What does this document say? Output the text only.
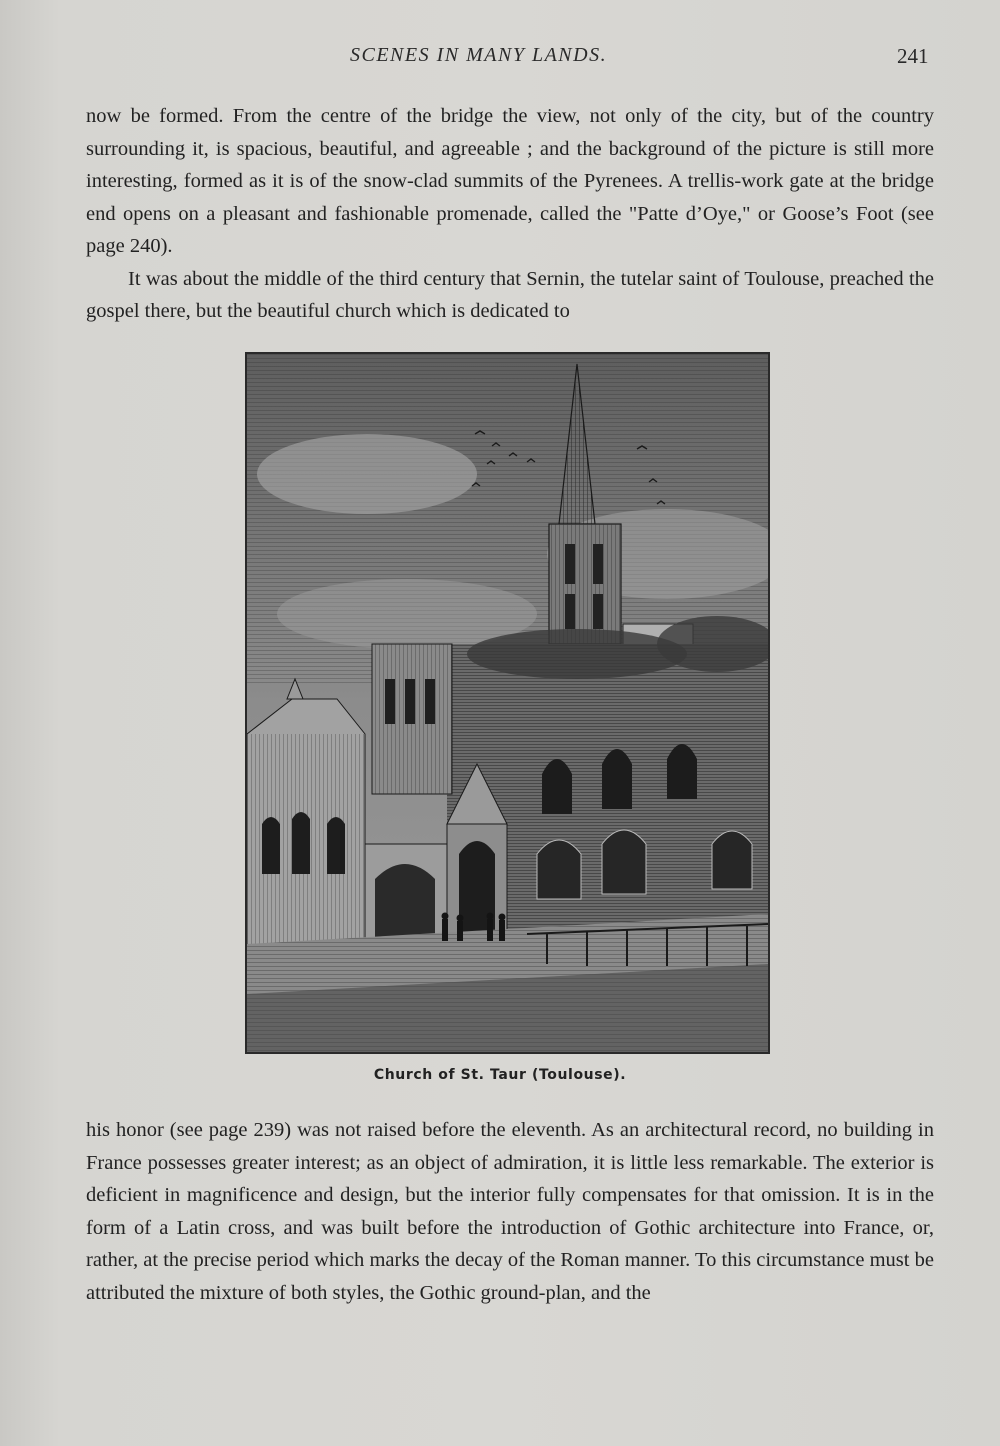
SCENES IN MANY LANDS.	241

now be formed. From the centre of the bridge the view, not only of the city, but of the country surrounding it, is spacious, beautiful, and agreeable ; and the background of the picture is still more interesting, formed as it is of the snow-clad summits of the Pyrenees. A trellis-work gate at the bridge end opens on a pleasant and fashionable promenade, called the "Patte d’Oye," or Goose’s Foot (see page 240).

It was about the middle of the third century that Sernin, the tutelar saint of Toulouse, preached the gospel there, but the beautiful church which is dedicated to

Church of St. Taur (Toulouse).

his honor (see page 239) was not raised before the eleventh. As an architectural record, no building in France possesses greater interest; as an object of admiration, it is little less remarkable. The exterior is deficient in magnificence and design, but the interior fully compensates for that omission. It is in the form of a Latin cross, and was built before the introduction of Gothic architecture into France, or, rather, at the precise period which marks the decay of the Roman manner. To this circumstance must be attributed the mixture of both styles, the Gothic ground-plan, and the
